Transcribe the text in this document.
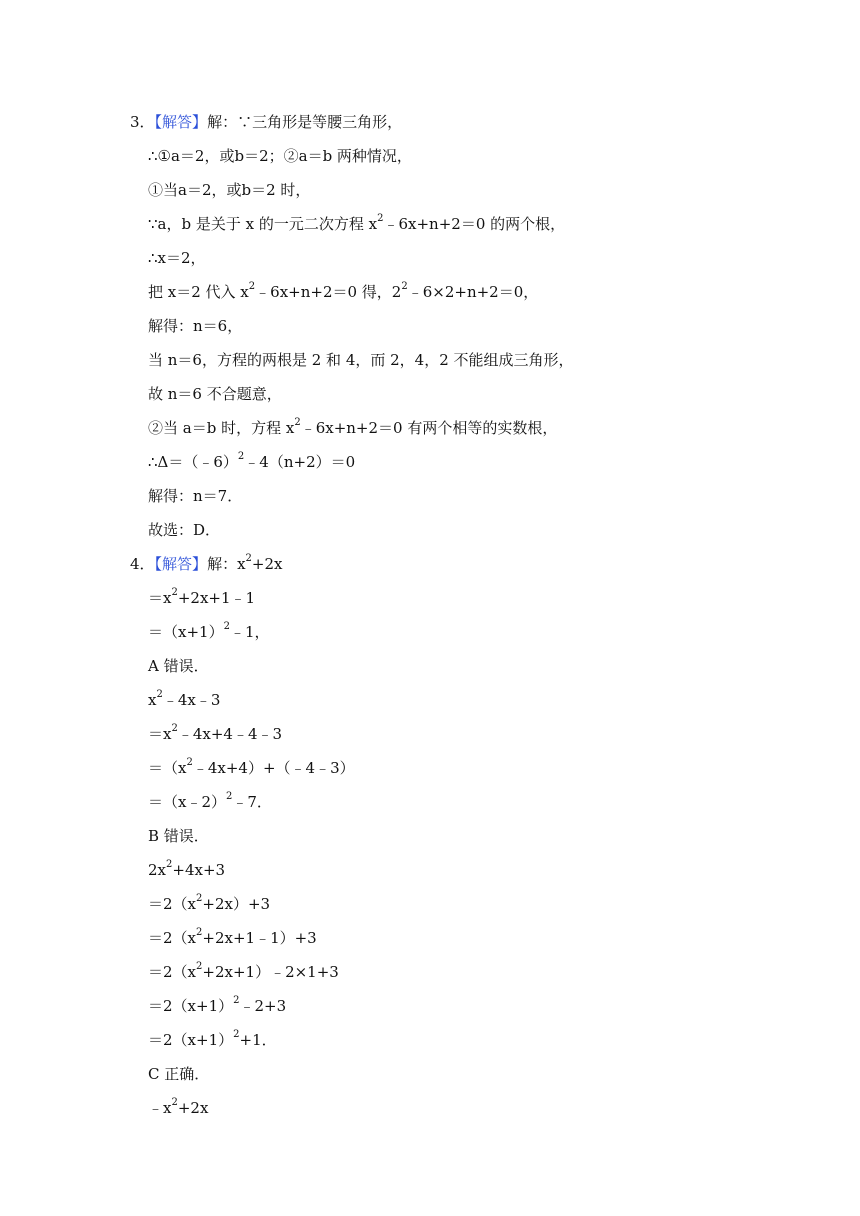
3．【解答】解：∵三角形是等腰三角形，
∴①a＝2，或b＝2；②a＝b 两种情况，
①当a＝2，或b＝2 时，
∵a，b 是关于 x 的一元二次方程 $x^2﹣6x+n+2=0$ 的两个根，
∴x＝2，
把 x＝2 代入 $x^2﹣6x+n+2=0$ 得，$2^2﹣6\times 2+n+2=0$，
解得：n＝6，
当 n＝6，方程的两根是 2 和 4，而 2，4，2 不能组成三角形，
故 n＝6 不合题意，
②当 a＝b 时，方程 $x^2﹣6x+n+2=0$ 有两个相等的实数根，
∴Δ＝（﹣6）$^2$﹣4（n+2）＝0
解得：n＝7．
故选：D．
4．【解答】解：$x^2+2x$
$=x^2+2x+1﹣1$
$=(x+1)^2﹣1$，
A 错误．
$x^2﹣4x﹣3$
$=x^2﹣4x+4﹣4﹣3$
$=(x^2﹣4x+4)+(﹣4﹣3)$
＝（x﹣2）$^2$﹣7．
B 错误．
$2x^2+4x+3$
$=2(x^2+2x)+3$
$=2(x^2+2x+1﹣1)+3$
$=2(x^2+2x+1)﹣2\times 1+3$
$=2(x+1)^2﹣2+3$
$=2(x+1)^2+1$．
C 正确．
$﹣x^2+2x$
